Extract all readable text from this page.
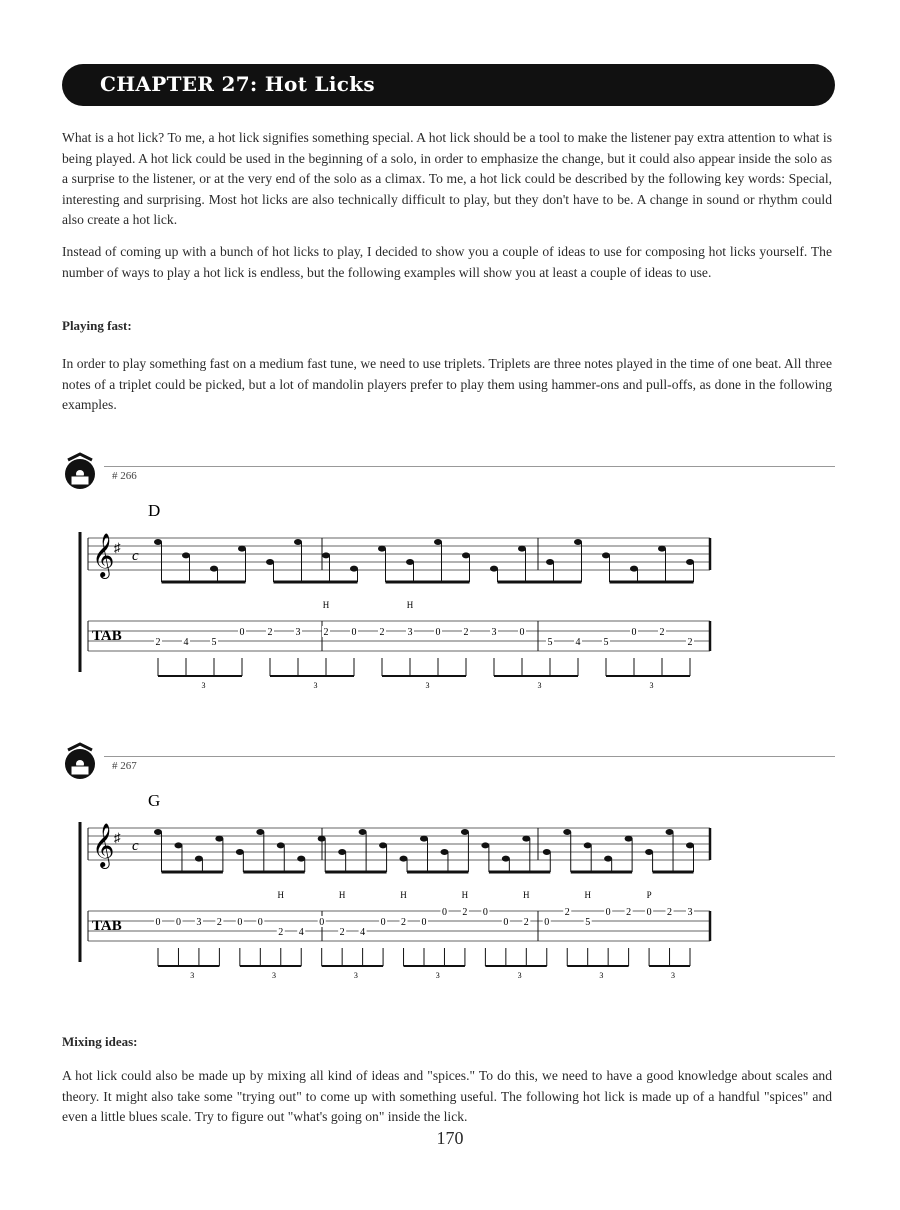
CHAPTER 27: Hot Licks
What is a hot lick? To me, a hot lick signifies something special. A hot lick should be a tool to make the listener pay extra attention to what is being played. A hot lick could be used in the beginning of a solo, in order to emphasize the change, but it could also appear inside the solo as a surprise to the listener, or at the very end of the solo as a climax. To me, a hot lick could be described by the following key words: Special, interesting and surprising. Most hot licks are also technically difficult to play, but they don't have to be. A change in sound or rhythm could also create a hot lick.
Instead of coming up with a bunch of hot licks to play, I decided to show you a couple of ideas to use for composing hot licks yourself. The number of ways to play a hot lick is endless, but the following examples will show you at least a couple of ideas to use.
Playing fast:
In order to play something fast on a medium fast tune, we need to use triplets. Triplets are three notes played in the time of one beat. All three notes of a triplet could be picked, but a lot of mandolin players prefer to play them using hammer-ons and pull-offs, as done in the following examples.
# 266
𝄞 ♯
c
TAB
D
2 4 5
0 2 3 2 0 2 3 0 2 3 0
5 4 5
0 2
2
3	3	3	3	3
H	H
# 267
𝄞 ♯
c
TAB
G
0 0 3 2 0 0
2 4
0
2 4
0 2 0
0 2 0
0 2 0
2
5
0 2 0 2 3
3	3	3	3	3	3	3
H	H	H	H	H	H	P
Mixing ideas:
A hot lick could also be made up by mixing all kind of ideas and "spices." To do this, we need to have a good knowledge about scales and theory. It might also take some "trying out" to come up with something useful. The following hot lick is made up of a handful "spices" and even a little blues scale. Try to figure out "what's going on" inside the lick.
170
